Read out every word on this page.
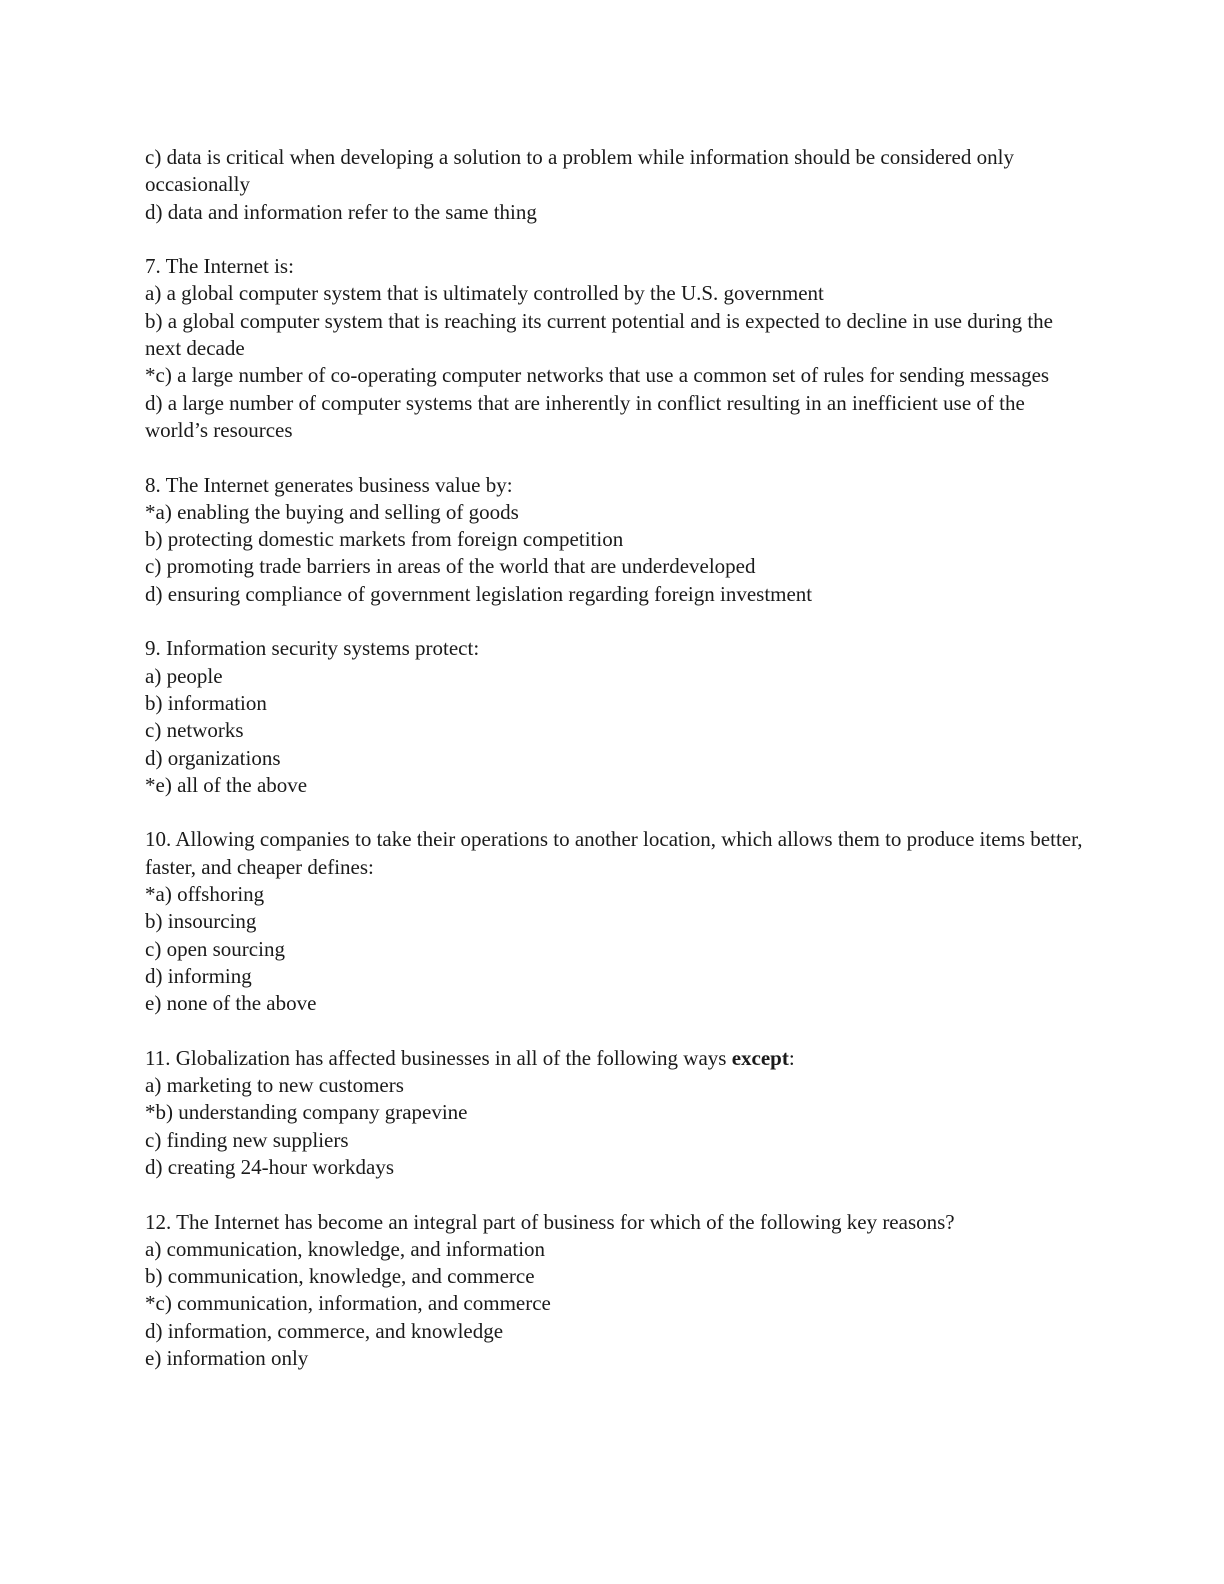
c) data is critical when developing a solution to a problem while information should be considered only occasionally

d) data and information refer to the same thing

7. The Internet is:

a) a global computer system that is ultimately controlled by the U.S. government

b) a global computer system that is reaching its current potential and is expected to decline in use during the next decade

*c) a large number of co-operating computer networks that use a common set of rules for sending messages

d) a large number of computer systems that are inherently in conflict resulting in an inefficient use of the world’s resources

8. The Internet generates business value by:

*a) enabling the buying and selling of goods

b) protecting domestic markets from foreign competition

c) promoting trade barriers in areas of the world that are underdeveloped

d) ensuring compliance of government legislation regarding foreign investment

9. Information security systems protect:

a) people

b) information

c) networks

d) organizations

*e) all of the above

10. Allowing companies to take their operations to another location, which allows them to produce items better, faster, and cheaper defines:

*a) offshoring

b) insourcing

c) open sourcing

d) informing

e) none of the above

11. Globalization has affected businesses in all of the following ways except:

a) marketing to new customers

*b) understanding company grapevine

c) finding new suppliers

d) creating 24-hour workdays

12. The Internet has become an integral part of business for which of the following key reasons?

a) communication, knowledge, and information

b) communication, knowledge, and commerce

*c) communication, information, and commerce

d) information, commerce, and knowledge

e) information only
